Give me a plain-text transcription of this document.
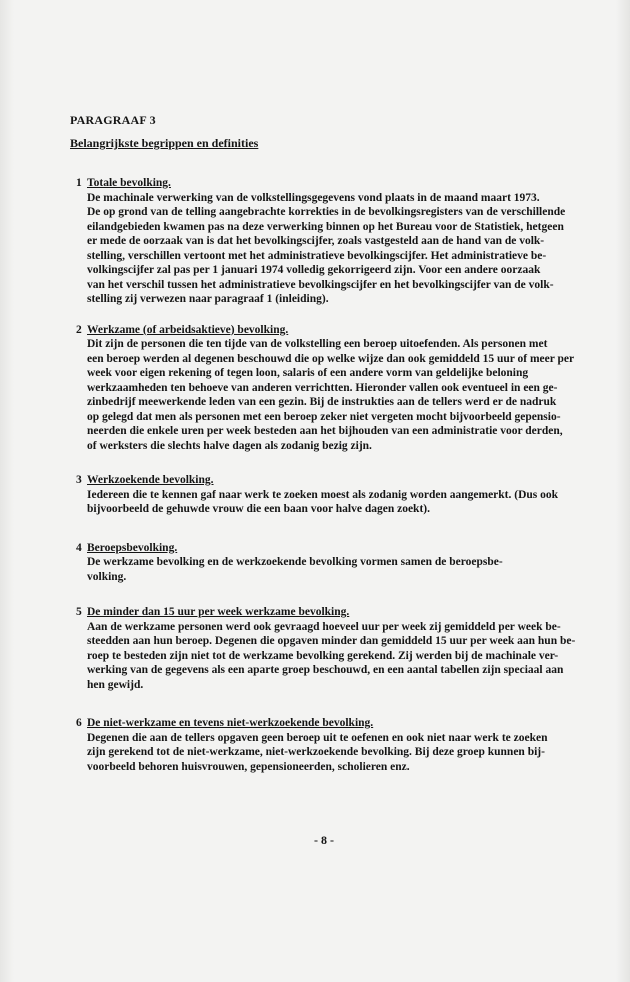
PARAGRAAF 3
Belangrijkste begrippen en definities
1 Totale bevolking.
De machinale verwerking van de volkstellingsgegevens vond plaats in de maand maart 1973.
De op grond van de telling aangebrachte korrekties in de bevolkingsregisters van de verschillende
eilandgebieden kwamen pas na deze verwerking binnen op het Bureau voor de Statistiek, hetgeen
er mede de oorzaak van is dat het bevolkingscijfer, zoals vastgesteld aan de hand van de volk-
stelling, verschillen vertoont met het administratieve bevolkingscijfer. Het administratieve be-
volkingscijfer zal pas per 1 januari 1974 volledig gekorrigeerd zijn. Voor een andere oorzaak
van het verschil tussen het administratieve bevolkingscijfer en het bevolkingscijfer van de volk-
stelling zij verwezen naar paragraaf 1 (inleiding).
2 Werkzame (of arbeidsaktieve) bevolking.
Dit zijn de personen die ten tijde van de volkstelling een beroep uitoefenden. Als personen met
een beroep werden al degenen beschouwd die op welke wijze dan ook gemiddeld 15 uur of meer per
week voor eigen rekening of tegen loon, salaris of een andere vorm van geldelijke beloning
werkzaamheden ten behoeve van anderen verrichtten. Hieronder vallen ook eventueel in een ge-
zinbedrijf meewerkende leden van een gezin. Bij de instrukties aan de tellers werd er de nadruk
op gelegd dat men als personen met een beroep zeker niet vergeten mocht bijvoorbeeld gepensio-
neerden die enkele uren per week besteden aan het bijhouden van een administratie voor derden,
of werksters die slechts halve dagen als zodanig bezig zijn.
3 Werkzoekende bevolking.
Iedereen die te kennen gaf naar werk te zoeken moest als zodanig worden aangemerkt. (Dus ook
bijvoorbeeld de gehuwde vrouw die een baan voor halve dagen zoekt).
4 Beroepsbevolking.
De werkzame bevolking en de werkzoekende bevolking vormen samen de beroepsbe-
volking.
5 De minder dan 15 uur per week werkzame bevolking.
Aan de werkzame personen werd ook gevraagd hoeveel uur per week zij gemiddeld per week be-
steedden aan hun beroep. Degenen die opgaven minder dan gemiddeld 15 uur per week aan hun be-
roep te besteden zijn niet tot de werkzame bevolking gerekend. Zij werden bij de machinale ver-
werking van de gegevens als een aparte groep beschouwd, en een aantal tabellen zijn speciaal aan
hen gewijd.
6 De niet-werkzame en tevens niet-werkzoekende bevolking.
Degenen die aan de tellers opgaven geen beroep uit te oefenen en ook niet naar werk te zoeken
zijn gerekend tot de niet-werkzame, niet-werkzoekende bevolking. Bij deze groep kunnen bij-
voorbeeld behoren huisvrouwen, gepensioneerden, scholieren enz.
- 8 -
